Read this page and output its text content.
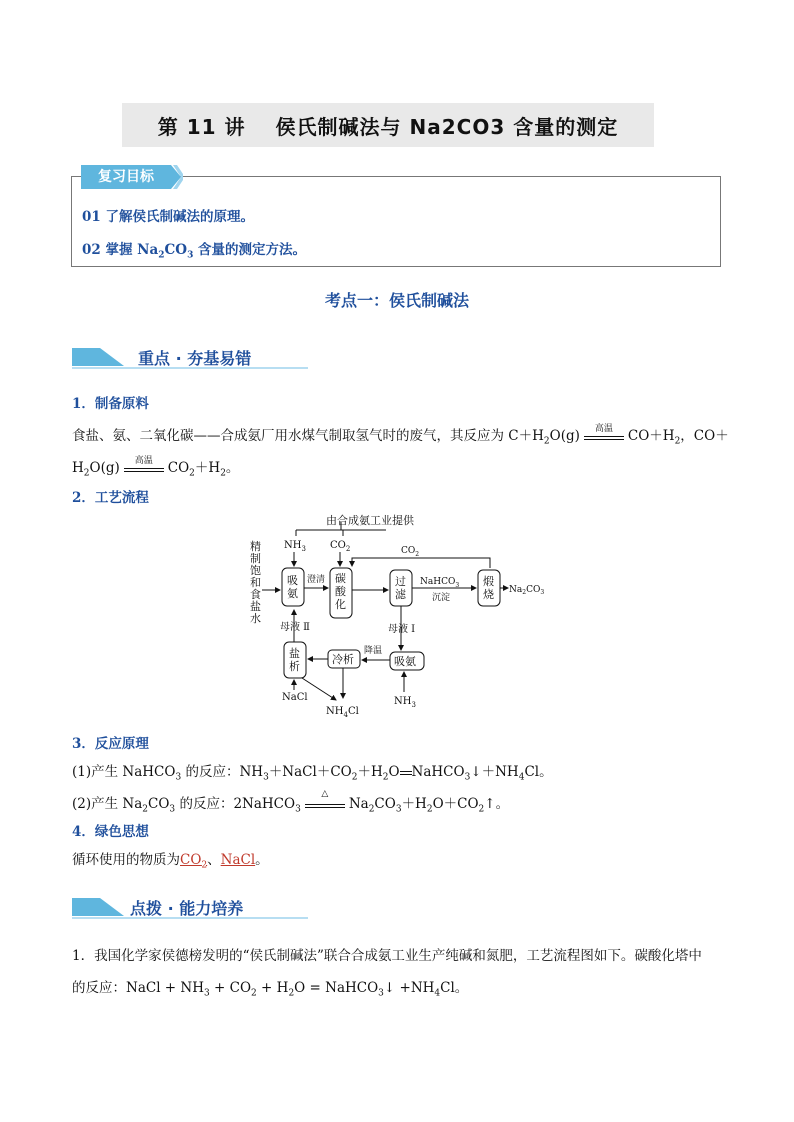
第 11 讲 侯氏制碱法与 Na2CO3 含量的测定
复习目标
01 了解侯氏制碱法的原理。
02 掌握 $Na_2CO_3$ 含量的测定方法。
考点一：侯氏制碱法
重点 · 夯基易错
1．制备原料
食盐、氨、二氧化碳——合成氨厂用水煤气制取氢气时的废气，其反应为 $C+H_2O(g)$	高温	$CO+H_2$，CO＋
$H_2O(g)$	高温	$CO_2+H_2$。
2．工艺流程
由合成氨工业提供
$NH_3$ $CO_2$	$CO_2$
精制饱和食盐水
吸氨
澄清 碳酸化
过滤
NaHCO$_3$
沉淀
煅烧 $Na_2CO_3$
母液 Ⅰ
吸氨
$NH_3$
降温
冷析
盐析
母液 Ⅱ
NaCl
$NH_4Cl$
3．反应原理
(1)产生 NaHCO$_3$ 的反应：$NH_3+NaCl+CO_2+H_2O$ $NaHCO_3↓+NH_4Cl$。
(2)产生 $Na_2CO_3$ 的反应：2NaHCO$_3$
△
$Na_2CO_3+H_2O+CO_2↑$。
4．绿色思想
循环使用的物质为$CO_2$、NaCl。
点拨 · 能力培养
1．我国化学家侯德榜发明的“侯氏制碱法”联合合成氨工业生产纯碱和氮肥，工艺流程图如下。碳酸化塔中
的反应：NaCl + $NH_3 + CO_2 + H_2O$ = NaHCO$_3$↓ $+NH_4Cl$。
